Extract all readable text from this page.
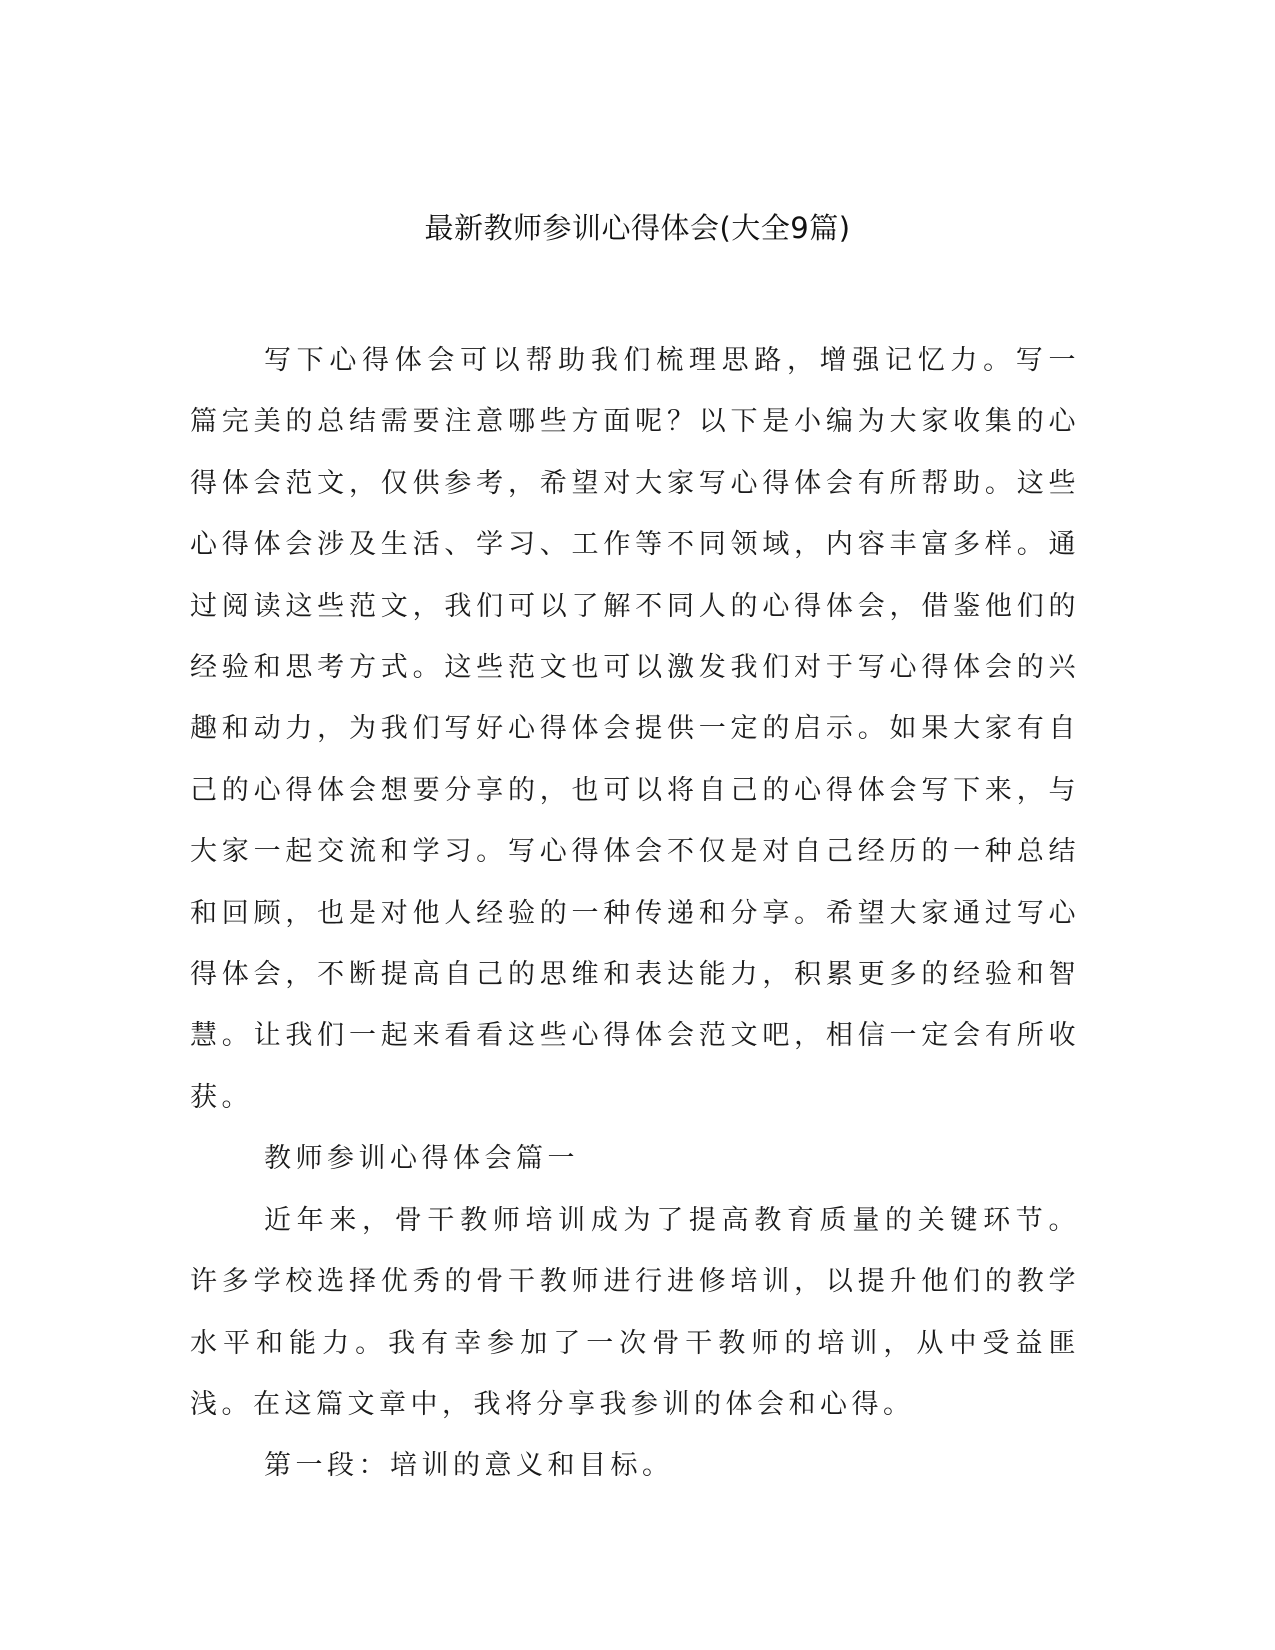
最新教师参训心得体会(大全9篇)

写下心得体会可以帮助我们梳理思路，增强记忆力。写一篇完美的总结需要注意哪些方面呢？以下是小编为大家收集的心得体会范文，仅供参考，希望对大家写心得体会有所帮助。这些心得体会涉及生活、学习、工作等不同领域，内容丰富多样。通过阅读这些范文，我们可以了解不同人的心得体会，借鉴他们的经验和思考方式。这些范文也可以激发我们对于写心得体会的兴趣和动力，为我们写好心得体会提供一定的启示。如果大家有自己的心得体会想要分享的，也可以将自己的心得体会写下来，与大家一起交流和学习。写心得体会不仅是对自己经历的一种总结和回顾，也是对他人经验的一种传递和分享。希望大家通过写心得体会，不断提高自己的思维和表达能力，积累更多的经验和智慧。让我们一起来看看这些心得体会范文吧，相信一定会有所收获。

教师参训心得体会篇一

近年来，骨干教师培训成为了提高教育质量的关键环节。许多学校选择优秀的骨干教师进行进修培训，以提升他们的教学水平和能力。我有幸参加了一次骨干教师的培训，从中受益匪浅。在这篇文章中，我将分享我参训的体会和心得。

第一段：培训的意义和目标。
